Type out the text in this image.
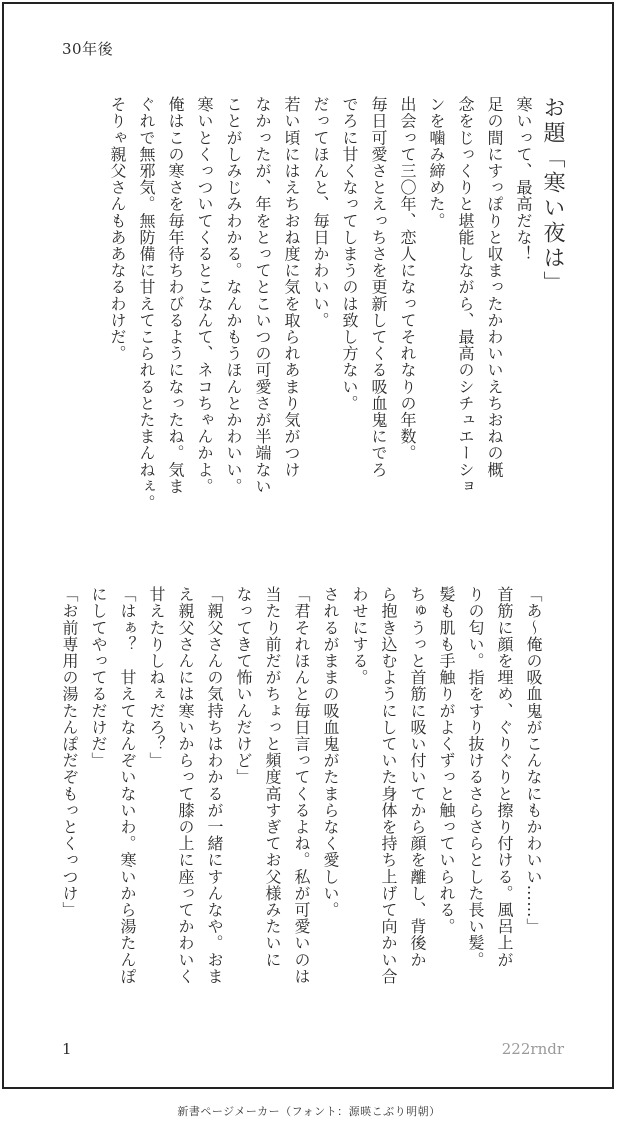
30年後

お題「寒い夜は」

寒いって、最高だな！

足の間にすっぽりと収まったかわいいえちおねの概

念をじっくりと堪能しながら、最高のシチュエーショ

ンを噛み締めた。

出会って三〇年、恋人になってそれなりの年数。

毎日可愛さとえっちさを更新してくる吸血鬼にでろ

でろに甘くなってしまうのは致し方ない。

だってほんと、毎日かわいい。

若い頃にはえちおね度に気を取られあまり気がつけ

なかったが、年をとってとこいつの可愛さが半端ない

ことがしみじみわかる。なんかもうほんとかわいい。

寒いとくっついてくるとこなんて、ネコちゃんかよ。

俺はこの寒さを毎年待ちわびるようになったね。気ま

ぐれで無邪気。無防備に甘えてこられるとたまんねぇ。

そりゃ親父さんもああなるわけだ。

「あ～俺の吸血鬼がこんなにもかわいい……」

首筋に顔を埋め、ぐりぐりと擦り付ける。風呂上が

りの匂い。指をすり抜けるさらさらとした長い髪。

髪も肌も手触りがよくずっと触っていられる。

ちゅうっと首筋に吸い付いてから顔を離し、背後か

ら抱き込むようにしていた身体を持ち上げて向かい合

わせにする。

されるがままの吸血鬼がたまらなく愛しい。

「君それほんと毎日言ってくるよね。私が可愛いのは

当たり前だがちょっと頻度高すぎてお父様みたいに

なってきて怖いんだけど」

「親父さんの気持ちはわかるが一緒にすんなや。おま

え親父さんには寒いからって膝の上に座ってかわいく

甘えたりしねぇだろ？」

「はぁ？　甘えてなんぞいないわ。寒いから湯たんぽ

にしてやってるだけだ」

「お前専用の湯たんぽだぞもっとくっつけ」

1	222rndr
新書ページメーカー（フォント：源暎こぶり明朝）
